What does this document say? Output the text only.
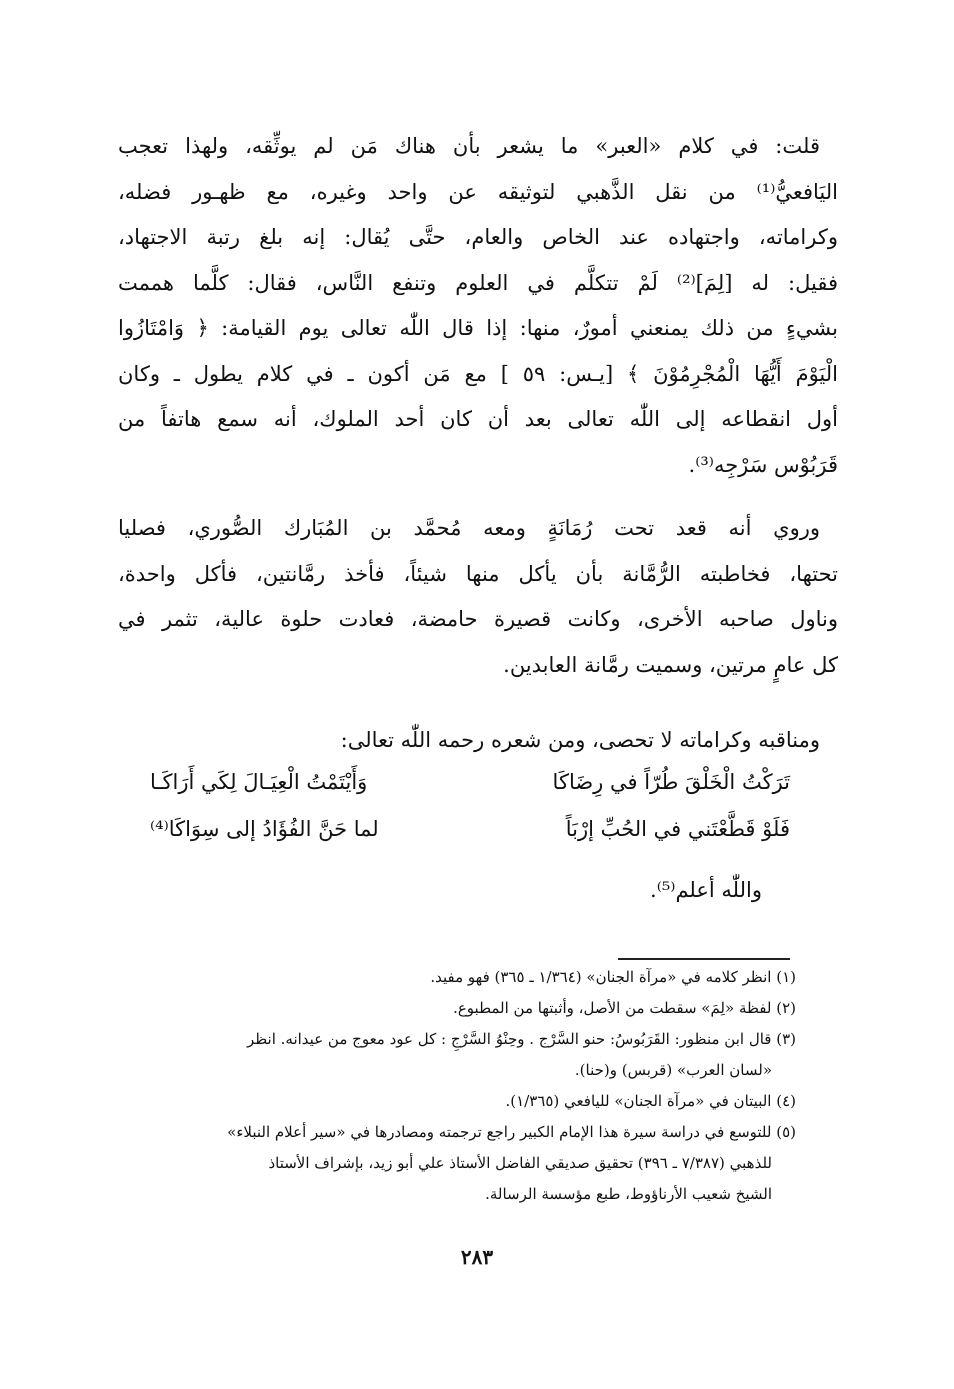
قلت: في كلام «العبر» ما يشعر بأن هناك مَن لم يوثِّقه، ولهذا تعجب
اليَافعيُّ⁽¹⁾ من نقل الذَّهبي لتوثيقه عن واحد وغيره، مع ظهـور فضله،
وكراماته، واجتهاده عند الخاص والعام، حتَّى يُقال: إنه بلغ رتبة الاجتهاد،
فقيل: له [لِمَ]⁽²⁾ لَمْ تتكلَّم في العلوم وتنفع النَّاس، فقال: كلَّما هممت
بشيءٍ من ذلك يمنعني أمورٌ، منها: إذا قال اللّٰه تعالى يوم القيامة: ﴿ وَامْتَازُوا
الْيَوْمَ أَيُّهَا الْمُجْرِمُوْنَ ﴾ [يـس: ٥٩ ] مع مَن أكون ـ في كلام يطول ـ وكان
أول انقطاعه إلى اللّٰه تعالى بعد أن كان أحد الملوك، أنه سمع هاتفاً من
قَرَبُوْس سَرْجِه⁽³⁾.

وروي أنه قعد تحت رُمَانَةٍ ومعه مُحمَّد بن المُبَارك الصُّوري، فصليا
تحتها، فخاطبته الرُّمَّانة بأن يأكل منها شيئاً، فأخذ رمَّانتين، فأكل واحدة،
وناول صاحبه الأخرى، وكانت قصيرة حامضة، فعادت حلوة عالية، تثمر في
كل عامٍ مرتين، وسميت رمَّانة العابدين.

ومناقبه وكراماته لا تحصى، ومن شعره رحمه اللّٰه تعالى:

تَرَكْتُ الْخَلْقَ طُرّاً في رِضَاكَا
وَأَيْتَمْتُ الْعِيَـالَ لِكَي أَرَاكَـا
فَلَوْ قَطَّعْتَني في الحُبِّ إرْبَاً
لما حَنَّ الفُؤَادُ إلى سِوَاكَا⁽⁴⁾
واللّٰه أعلم⁽⁵⁾.

(١) انظر كلامه في «مرآة الجنان» (١/٣٦٤ ـ ٣٦٥) فهو مفيد.

(٢) لفظة «لِمَ» سقطت من الأصل، وأثبتها من المطبوع.

(٣) قال ابن منظور: القَرَبُوسُ: حنو السَّرْج . وحِنْوُ السَّرْجِ : كل عود معوج من عيدانه. انظر
«لسان العرب» (قربس) و(حنا).

(٤) البيتان في «مرآة الجنان» لليافعي (١/٣٦٥).

(٥) للتوسع في دراسة سيرة هذا الإمام الكبير راجع ترجمته ومصادرها في «سير أعلام النبلاء»
للذهبي (٧/٣٨٧ ـ ٣٩٦) تحقيق صديقي الفاضل الأستاذ علي أبو زيد، بإشراف الأستاذ
الشيخ شعيب الأرناؤوط، طبع مؤسسة الرسالة.

٢٨٣
